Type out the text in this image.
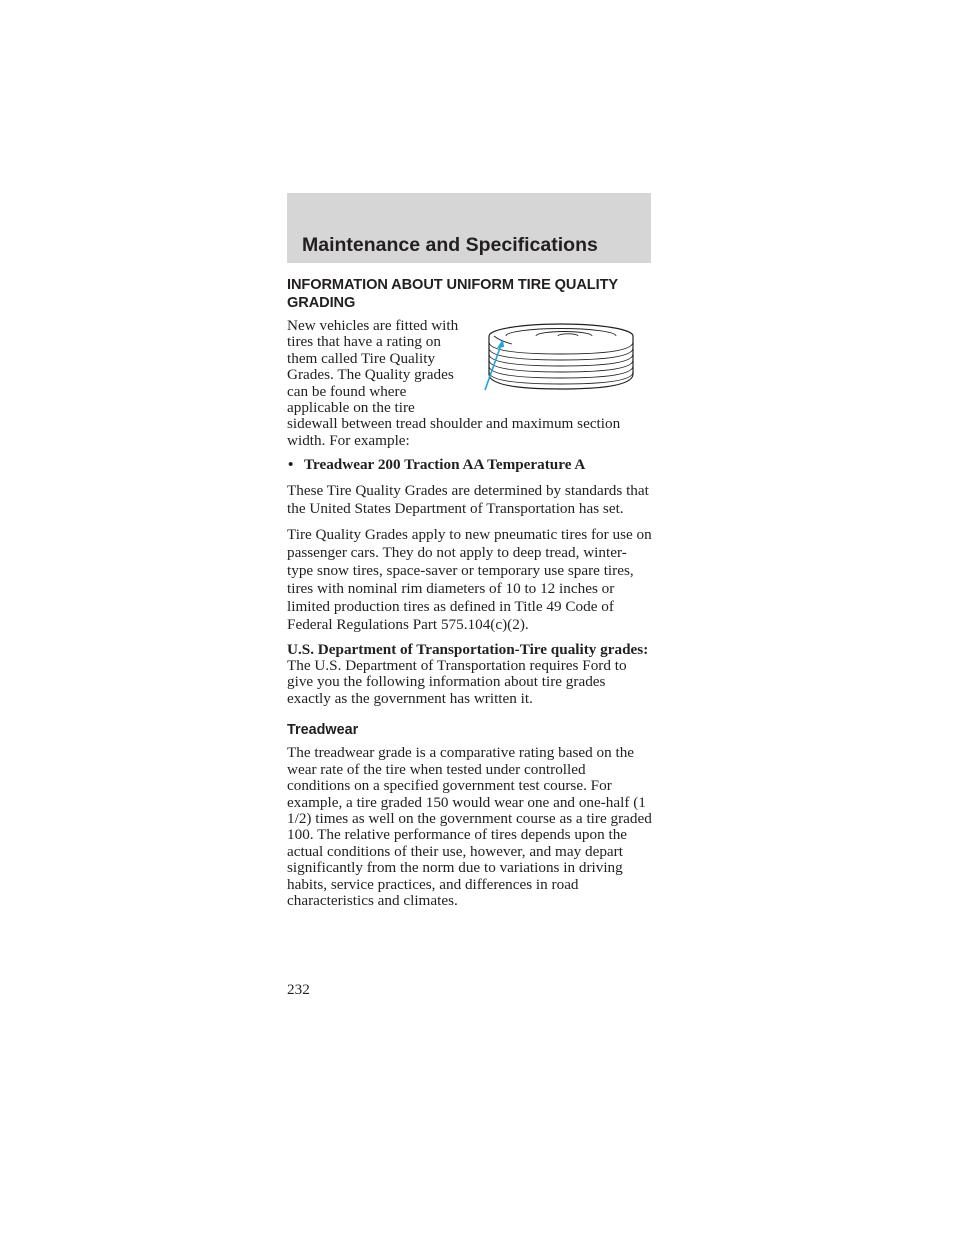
Maintenance and Specifications
INFORMATION ABOUT UNIFORM TIRE QUALITY GRADING

New vehicles are fitted with tires that have a rating on them called Tire Quality Grades. The Quality grades can be found where applicable on the tire sidewall between tread shoulder and maximum section width. For example:

• Treadwear 200 Traction AA Temperature A

These Tire Quality Grades are determined by standards that the United States Department of Transportation has set.

Tire Quality Grades apply to new pneumatic tires for use on passenger cars. They do not apply to deep tread, winter-type snow tires, space-saver or temporary use spare tires, tires with nominal rim diameters of 10 to 12 inches or limited production tires as defined in Title 49 Code of Federal Regulations Part 575.104(c)(2).

U.S. Department of Transportation-Tire quality grades: The U.S. Department of Transportation requires Ford to give you the following information about tire grades exactly as the government has written it.

Treadwear

The treadwear grade is a comparative rating based on the wear rate of the tire when tested under controlled conditions on a specified government test course. For example, a tire graded 150 would wear one and one-half (1 1/2) times as well on the government course as a tire graded 100. The relative performance of tires depends upon the actual conditions of their use, however, and may depart significantly from the norm due to variations in driving habits, service practices, and differences in road characteristics and climates.

232
